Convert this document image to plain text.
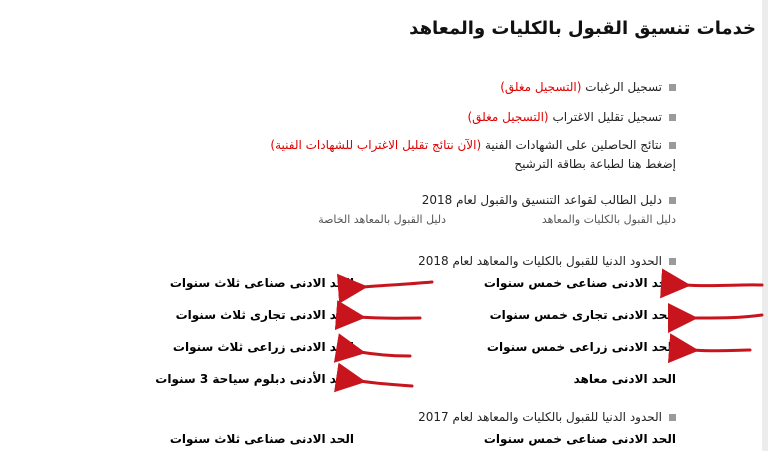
خدمات تنسيق القبول بالكليات والمعاهد
تسجيل الرغبات (التسجيل مغلق)
تسجيل تقليل الاغتراب (التسجيل مغلق)
نتائج الحاصلين على الشهادات الفنية (الآن نتائج تقليل الاغتراب للشهادات الفنية)
إضغط هنا لطباعة بطاقة الترشيح
دليل الطالب لقواعد التنسيق والقبول لعام 2018
دليل القبول بالكليات والمعاهد
دليل القبول بالمعاهد الخاصة
الحدود الدنيا للقبول بالكليات والمعاهد لعام 2018
الحد الادنى صناعى خمس سنوات
الحد الادنى تجارى خمس سنوات
الحد الادنى زراعى خمس سنوات
الحد الادنى معاهد
الحد الادنى صناعى ثلاث سنوات
الحد الادنى تجارى ثلاث سنوات
الحد الادنى زراعى ثلاث سنوات
الحد الأدنى دبلوم سياحة 3 سنوات
الحدود الدنيا للقبول بالكليات والمعاهد لعام 2017
الحد الادنى صناعى خمس سنوات
الحد الادنى صناعى ثلاث سنوات
